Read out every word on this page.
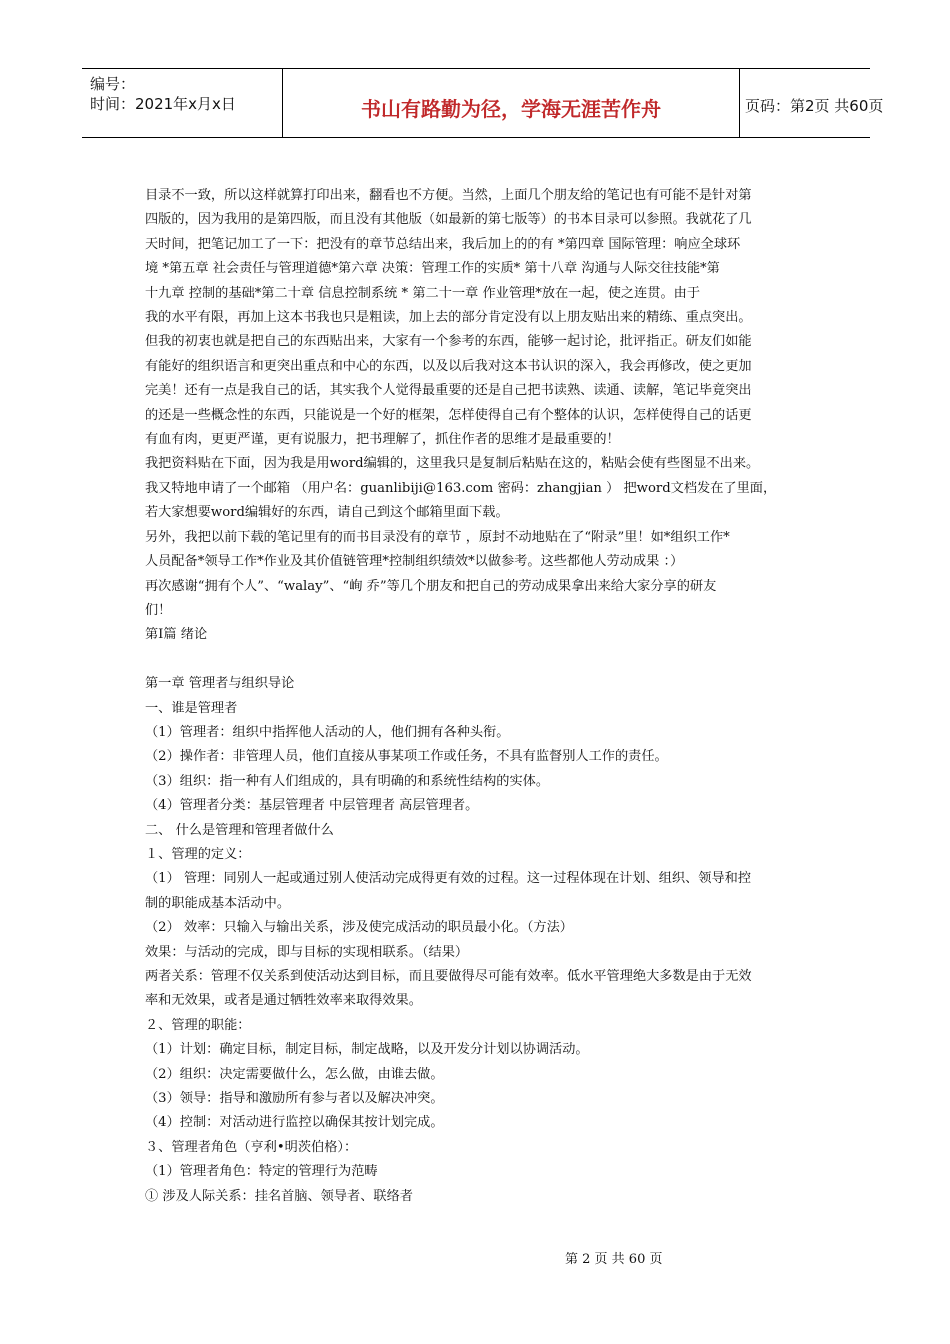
编号：
时间：2021年x月x日	书山有路勤为径，学海无涯苦作舟	页码：第2页 共60页

目录不一致，所以这样就算打印出来，翻看也不方便。当然，上面几个朋友给的笔记也有可能不是针对第

四版的，因为我用的是第四版，而且没有其他版（如最新的第七版等）的书本目录可以参照。我就花了几

天时间，把笔记加工了一下：把没有的章节总结出来，我后加上的的有 *第四章 国际管理：响应全球环

境 *第五章 社会责任与管理道德*第六章 决策：管理工作的实质* 第十八章 沟通与人际交往技能*第

十九章 控制的基础*第二十章 信息控制系统 * 第二十一章 作业管理*放在一起，使之连贯。由于

我的水平有限，再加上这本书我也只是粗读，加上去的部分肯定没有以上朋友贴出来的精练、重点突出。

但我的初衷也就是把自己的东西贴出来，大家有一个参考的东西，能够一起讨论，批评指正。研友们如能

有能好的组织语言和更突出重点和中心的东西，以及以后我对这本书认识的深入，我会再修改，使之更加

完美！还有一点是我自己的话，其实我个人觉得最重要的还是自己把书读熟、读通、读解，笔记毕竟突出

的还是一些概念性的东西，只能说是一个好的框架，怎样使得自己有个整体的认识，怎样使得自己的话更

有血有肉，更更严谨，更有说服力，把书理解了，抓住作者的思维才是最重要的！

我把资料贴在下面，因为我是用word编辑的，这里我只是复制后粘贴在这的，粘贴会使有些图显不出来。

我又特地申请了一个邮箱 （用户名：guanlibiji@163.com 密码：zhangjian ） 把word文档发在了里面，

若大家想要word编辑好的东西，请自己到这个邮箱里面下载。

另外，我把以前下载的笔记里有的而书目录没有的章节 ，原封不动地贴在了“附录”里！如*组织工作*

人员配备*领导工作*作业及其价值链管理*控制组织绩效*以做参考。这些都他人劳动成果 ：）

再次感谢“拥有个人”、“walay”、“峋 乔”等几个朋友和把自己的劳动成果拿出来给大家分享的研友

们！

第Ⅰ篇 绪论

第一章 管理者与组织导论

一、谁是管理者

（1）管理者：组织中指挥他人活动的人，他们拥有各种头衔。

（2）操作者：非管理人员，他们直接从事某项工作或任务，不具有监督别人工作的责任。

（3）组织：指一种有人们组成的，具有明确的和系统性结构的实体。

（4）管理者分类：基层管理者 中层管理者 高层管理者。

二、 什么是管理和管理者做什么

１、管理的定义：

（1） 管理：同别人一起或通过别人使活动完成得更有效的过程。这一过程体现在计划、组织、领导和控

制的职能成基本活动中。

（2） 效率：只输入与输出关系，涉及使完成活动的职员最小化。（方法）

效果：与活动的完成，即与目标的实现相联系。（结果）

两者关系：管理不仅关系到使活动达到目标，而且要做得尽可能有效率。低水平管理绝大多数是由于无效

率和无效果，或者是通过牺牲效率来取得效果。

２、管理的职能：

（1）计划：确定目标，制定目标，制定战略，以及开发分计划以协调活动。

（2）组织：决定需要做什么，怎么做，由谁去做。

（3）领导：指导和激励所有参与者以及解决冲突。

（4）控制：对活动进行监控以确保其按计划完成。

３、管理者角色（亨利•明茨伯格）：

（1）管理者角色：特定的管理行为范畴

① 涉及人际关系：挂名首脑、领导者、联络者

第 2 页 共 60 页
